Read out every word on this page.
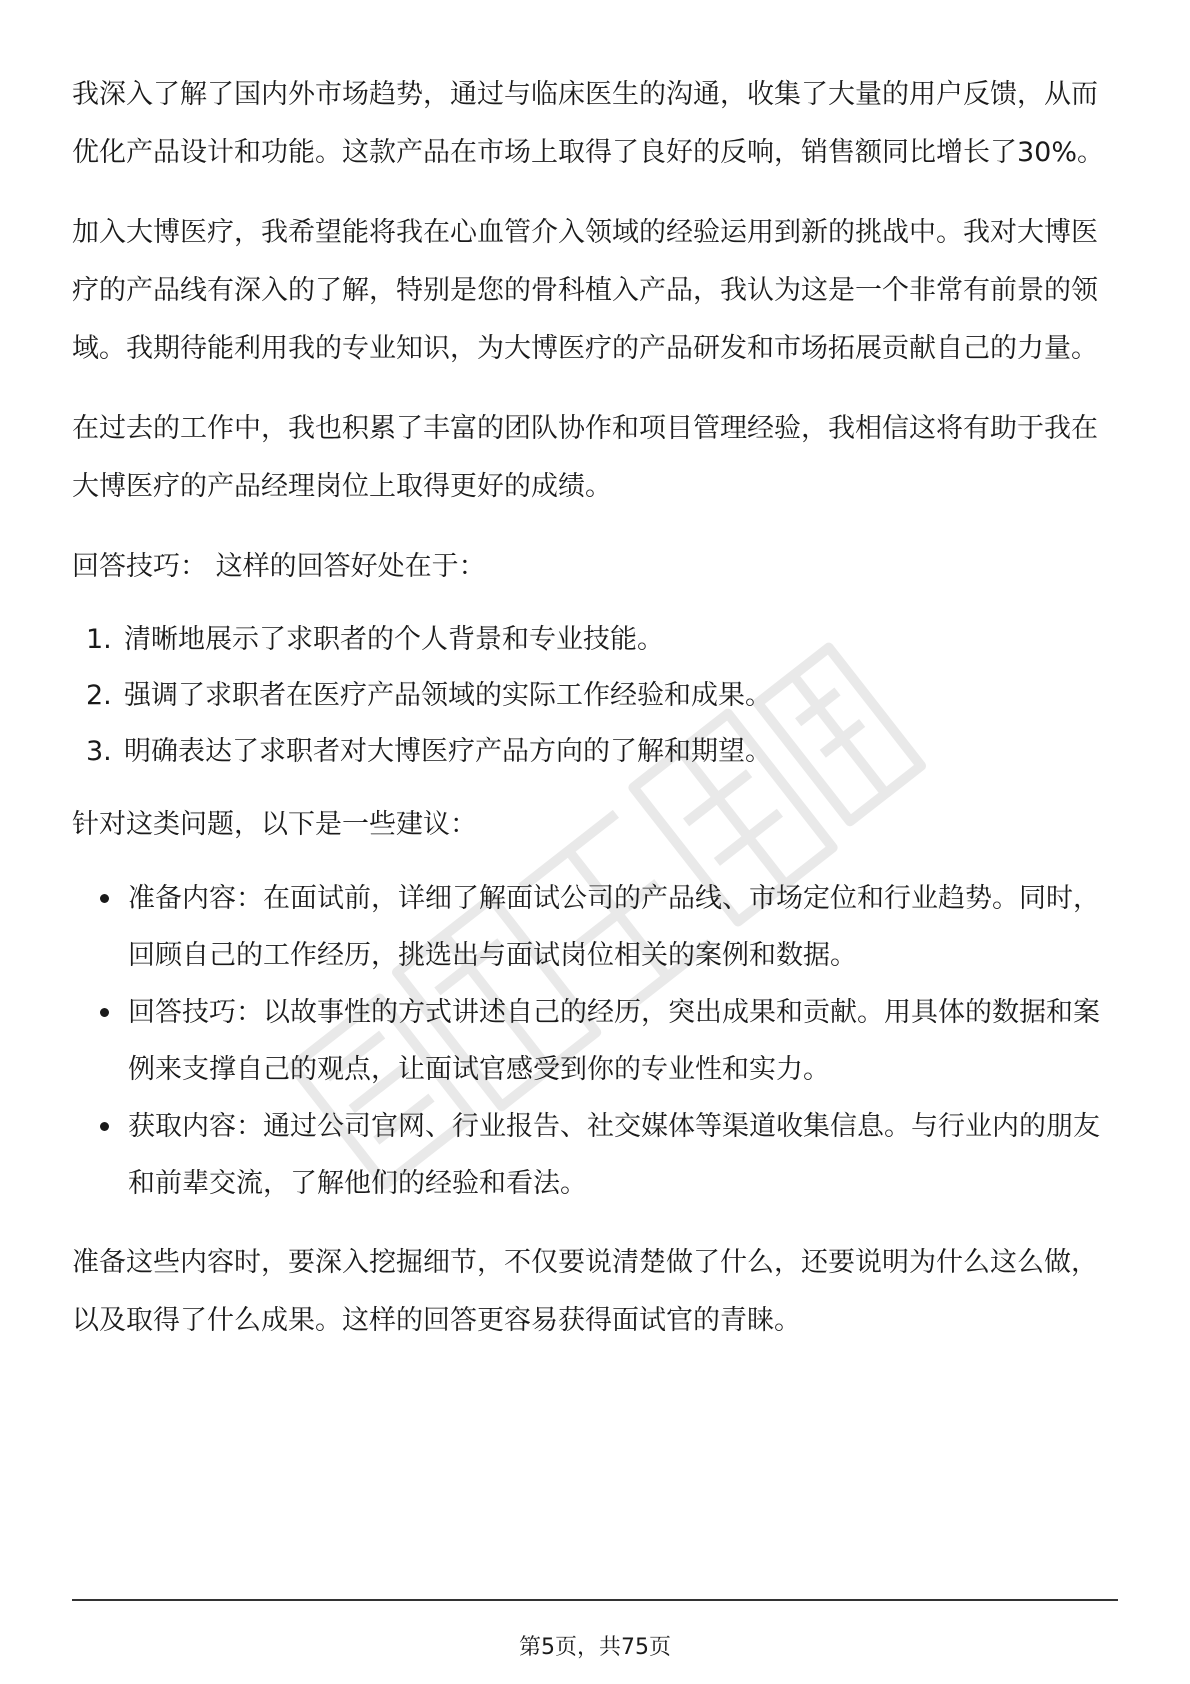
我深入了解了国内外市场趋势，通过与临床医生的沟通，收集了大量的用户反馈，从而优化产品设计和功能。这款产品在市场上取得了良好的反响，销售额同比增长了30%。

加入大博医疗，我希望能将我在心血管介入领域的经验运用到新的挑战中。我对大博医疗的产品线有深入的了解，特别是您的骨科植入产品，我认为这是一个非常有前景的领域。我期待能利用我的专业知识，为大博医疗的产品研发和市场拓展贡献自己的力量。

在过去的工作中，我也积累了丰富的团队协作和项目管理经验，我相信这将有助于我在大博医疗的产品经理岗位上取得更好的成绩。

回答技巧： 这样的回答好处在于：

1. 清晰地展示了求职者的个人背景和专业技能。
2. 强调了求职者在医疗产品领域的实际工作经验和成果。
3. 明确表达了求职者对大博医疗产品方向的了解和期望。

针对这类问题，以下是一些建议：

准备内容：在面试前，详细了解面试公司的产品线、市场定位和行业趋势。同时，回顾自己的工作经历，挑选出与面试岗位相关的案例和数据。
回答技巧：以故事性的方式讲述自己的经历，突出成果和贡献。用具体的数据和案例来支撑自己的观点，让面试官感受到你的专业性和实力。
获取内容：通过公司官网、行业报告、社交媒体等渠道收集信息。与行业内的朋友和前辈交流，了解他们的经验和看法。

准备这些内容时，要深入挖掘细节，不仅要说清楚做了什么，还要说明为什么这么做，以及取得了什么成果。这样的回答更容易获得面试官的青睐。

第5页，共75页
